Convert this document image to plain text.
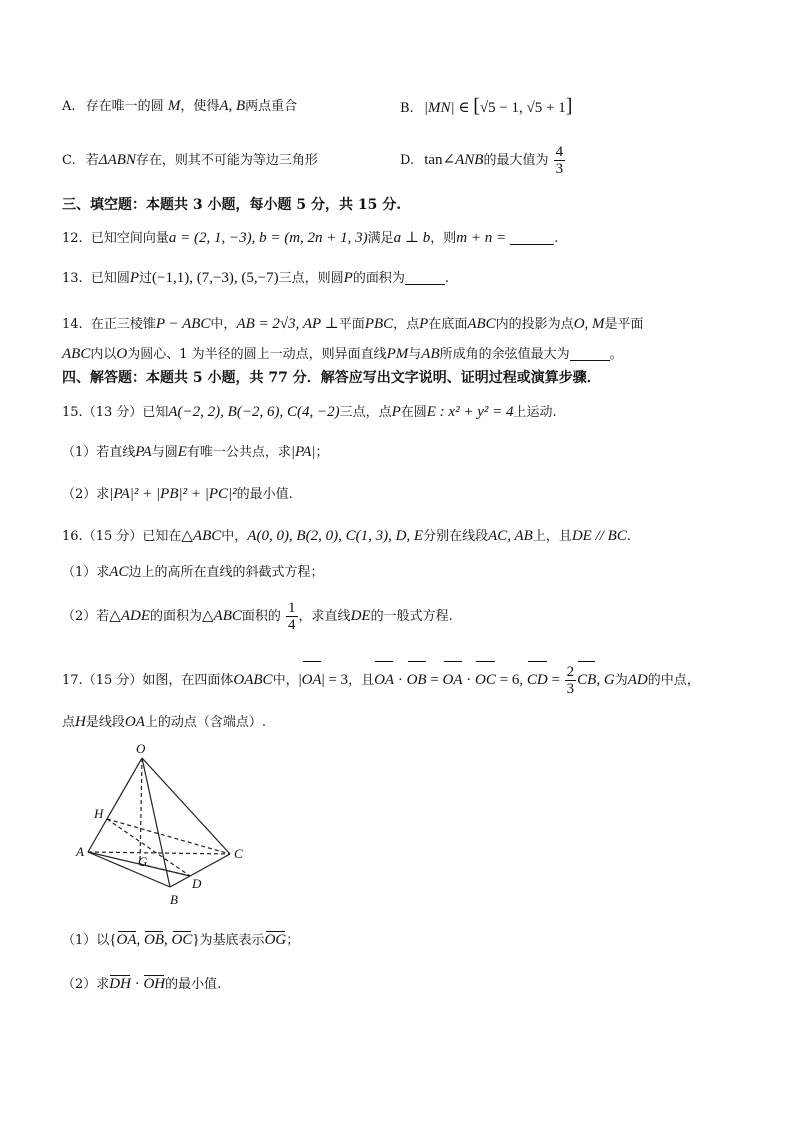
A. 存在唯一的圆 M，使得A, B两点重合	B. |MN| ∈ [√5 − 1, √5 + 1]
C. 若ΔABN存在，则其不可能为等边三角形	D. tan∠ANB的最大值为 $\frac{4}{3}$
三、填空题：本题共 3 小题，每小题 5 分，共 15 分.
12. 已知空间向量a = (2, 1, −3), b = (m, 2n + 1, 3)满足a ⊥ b，则m + n =	.
13. 已知圆P过(−1,1), (7,−3), (5,−7)三点，则圆P的面积为	.
14. 在正三棱锥P − ABC中，AB = 2√3, AP ⊥平面PBC，点P在底面ABC内的投影为点O, M是平面
ABC内以O为圆心、1 为半径的圆上一动点，则异面直线PM与AB所成角的余弦值最大为	。
四、解答题：本题共 5 小题，共 77 分．解答应写出文字说明、证明过程或演算步骤．
15.（13 分）已知A(−2, 2), B(−2, 6), C(4, −2)三点，点P在圆E : x² + y² = 4上运动.
（1）若直线PA与圆E有唯一公共点，求|PA|；
（2）求|PA|² + |PB|² + |PC|²的最小值.
16.（15 分）已知在△ABC中，A(0, 0), B(2, 0), C(1, 3), D, E分别在线段AC, AB上，且DE // BC.
（1）求AC边上的高所在直线的斜截式方程；
（2）若△ADE的面积为△ABC面积的 $\frac{1}{4}$ ，求直线DE的一般式方程.
17.（15 分）如图，在四面体OABC中，|OA| = 3，且OA · OB = OA · OC = 6, CD = $\frac{2}{3}$ CB, G为AD的中点，
点H是线段OA上的动点（含端点）.
O
H
A
G
C
D
B
（1）以{OA, OB, OC}为基底表示OG；
（2）求DH · OH的最小值.
